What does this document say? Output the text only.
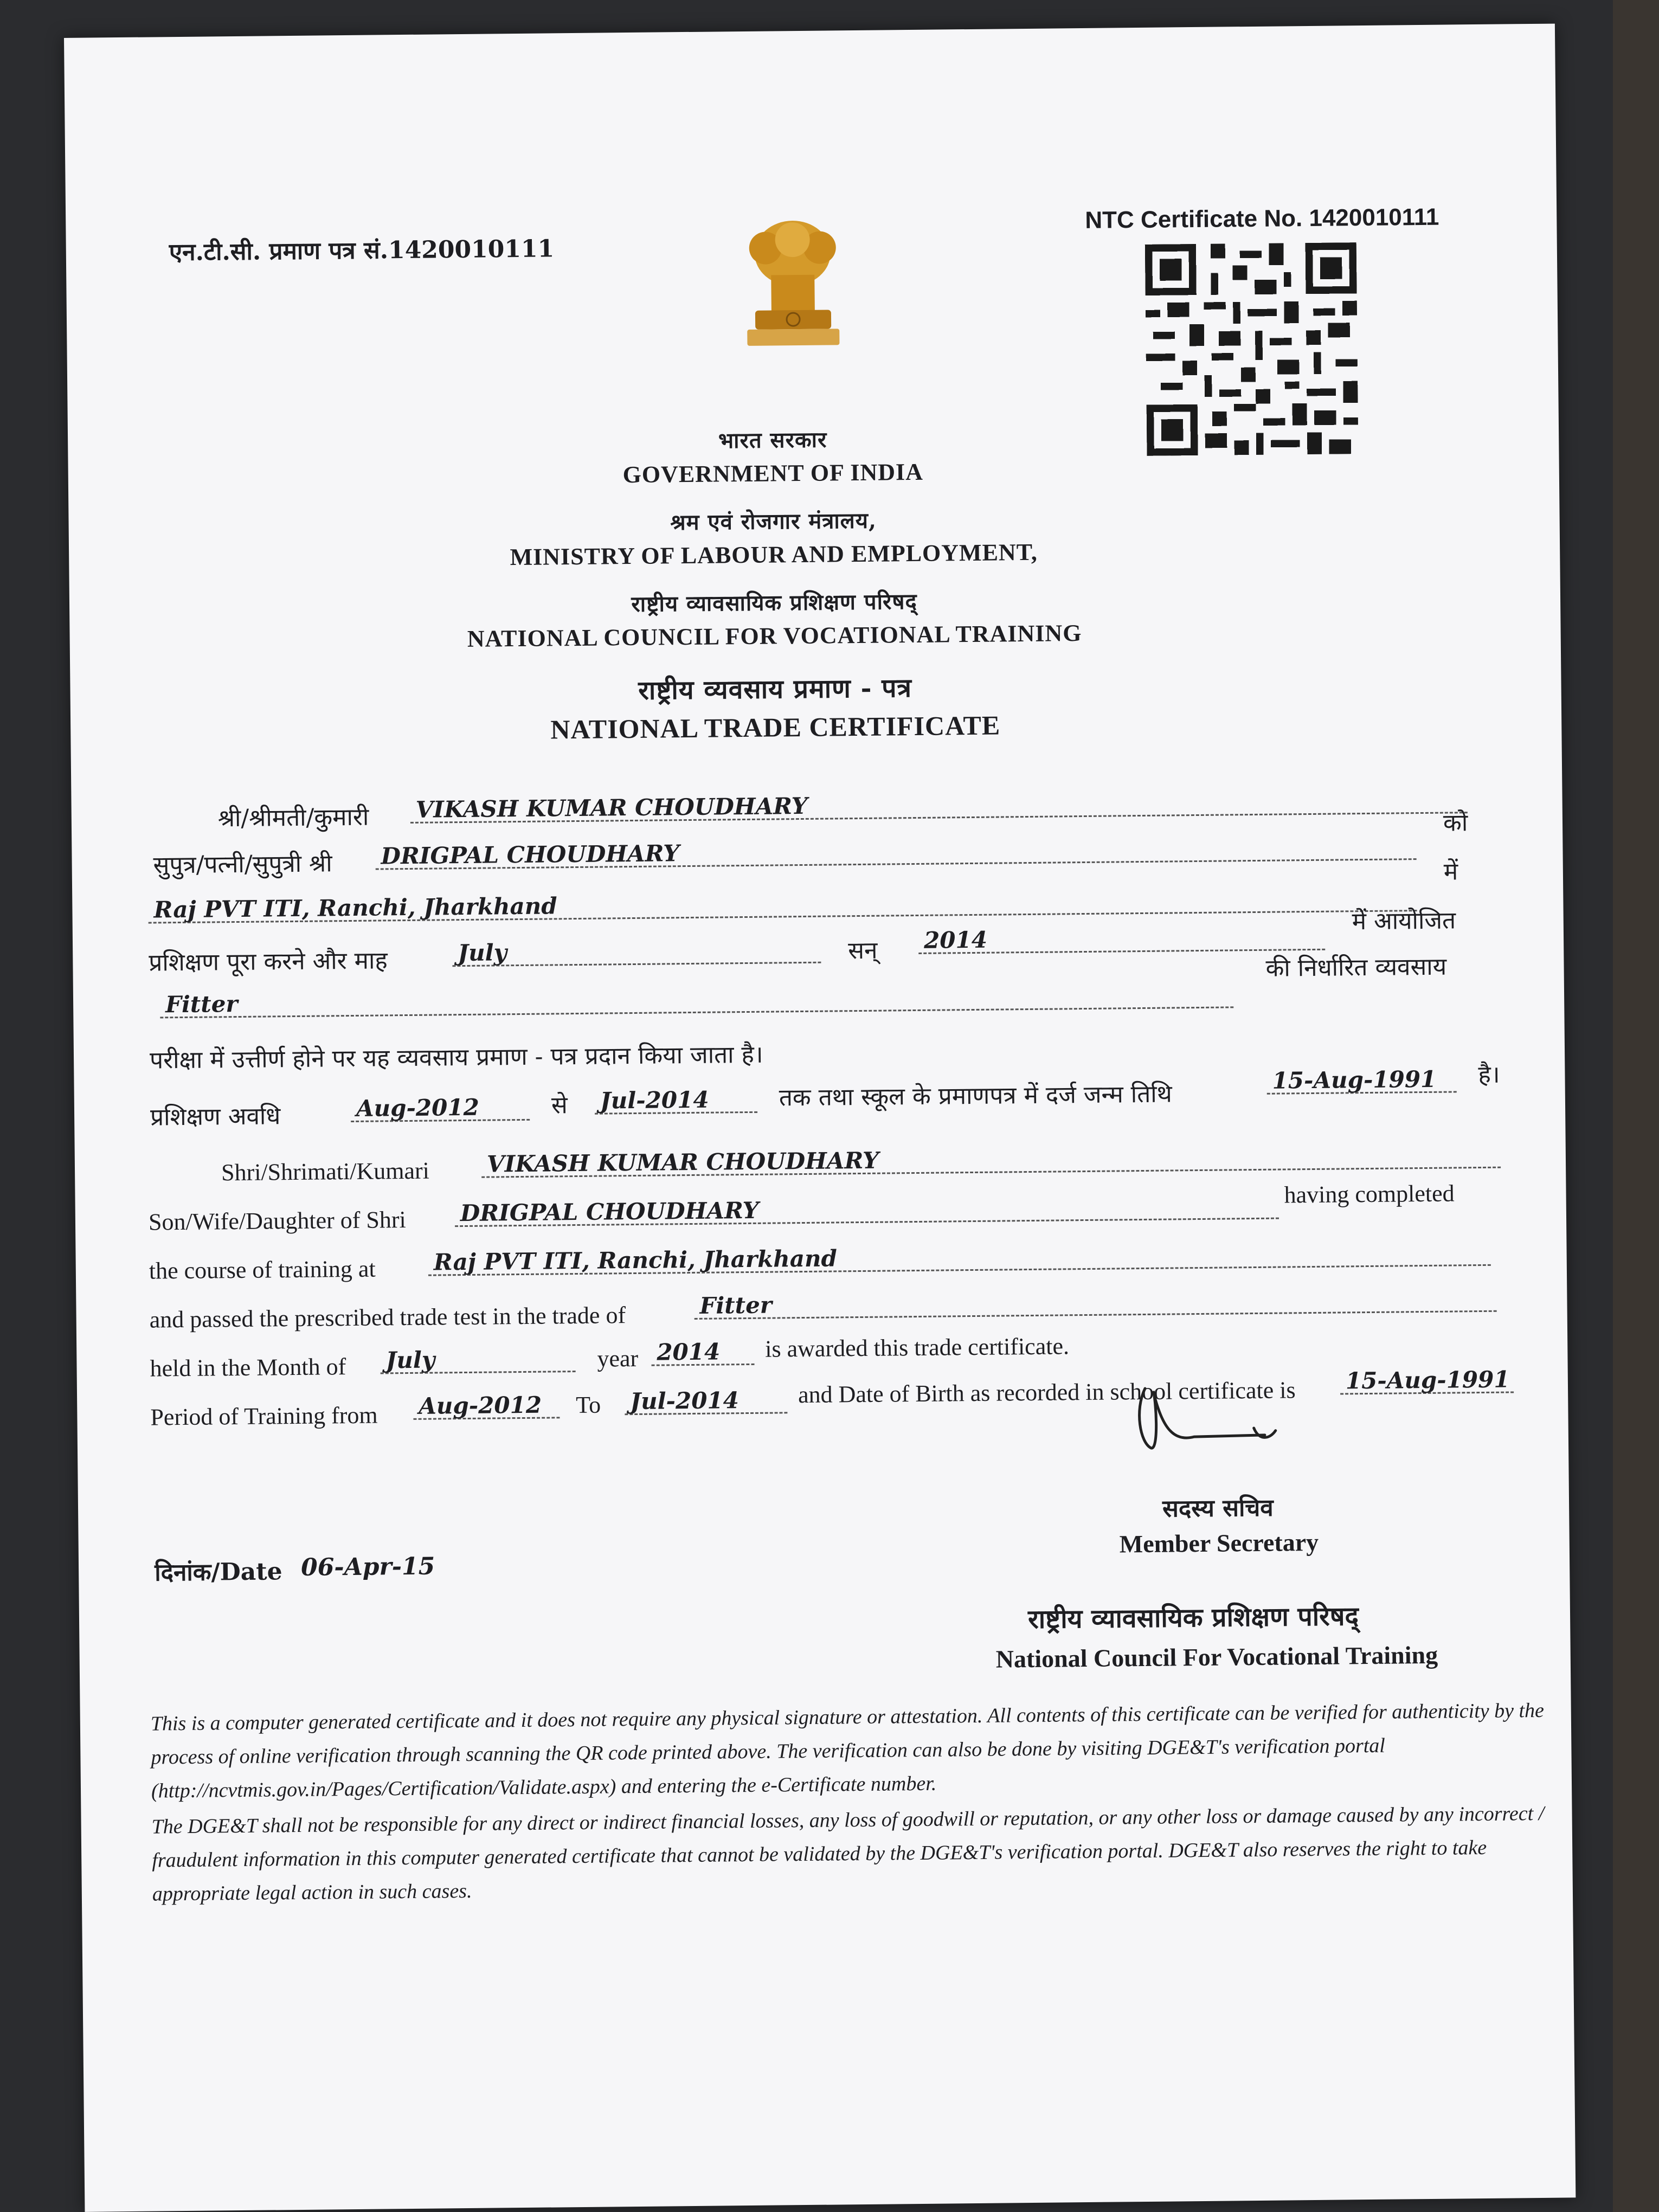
एन.टी.सी. प्रमाण पत्र सं.1420010111
NTC Certificate No. 1420010111
भारत सरकार
GOVERNMENT OF INDIA
श्रम एवं रोजगार मंत्रालय,
MINISTRY OF LABOUR AND EMPLOYMENT,
राष्ट्रीय व्यावसायिक प्रशिक्षण परिषद्
NATIONAL COUNCIL FOR VOCATIONAL TRAINING
राष्ट्रीय व्यवसाय प्रमाण - पत्र
NATIONAL TRADE CERTIFICATE
श्री/श्रीमती/कुमारी VIKASH KUMAR CHOUDHARY
सुपुत्र/पत्नी/सुपुत्री श्री DRIGPAL CHOUDHARY
को
Raj PVT ITI, Ranchi, Jharkhand
में
प्रशिक्षण पूरा करने और माह	July	सन् 2014
में आयोजित
Fitter
की निर्धारित व्यवसाय
परीक्षा में उत्तीर्ण होने पर यह व्यवसाय प्रमाण - पत्र प्रदान किया जाता है।
प्रशिक्षण अवधि	Aug-2012	से Jul-2014	तक तथा स्कूल के प्रमाणपत्र में दर्ज जन्म तिथि
15-Aug-1991	है।
Shri/Shrimati/Kumari	VIKASH KUMAR CHOUDHARY
Son/Wife/Daughter of Shri DRIGPAL CHOUDHARY
having completed
the course of training at	Raj PVT ITI, Ranchi, Jharkhand
and passed the prescribed trade test in the trade of	Fitter
held in the Month of July	year 2014	is awarded this trade certificate.
Period of Training from Aug-2012	To Jul-2014	and Date of Birth as recorded in school certificate is 15-Aug-1991
सदस्य सचिव
Member Secretary
दिनांक/Date 06-Apr-15
राष्ट्रीय व्यावसायिक प्रशिक्षण परिषद्
National Council For Vocational Training
This is a computer generated certificate and it does not require any physical signature or attestation. All contents of this certificate can be verified for authenticity by the process of online verification through scanning the QR code printed above. The verification can also be done by visiting DGE&T's verification portal (http://ncvtmis.gov.in/Pages/Certification/Validate.aspx) and entering the e-Certificate number.
The DGE&T shall not be responsible for any direct or indirect financial losses, any loss of goodwill or reputation, or any other loss or damage caused by any incorrect / fraudulent information in this computer generated certificate that cannot be validated by the DGE&T's verification portal. DGE&T also reserves the right to take appropriate legal action in such cases.
